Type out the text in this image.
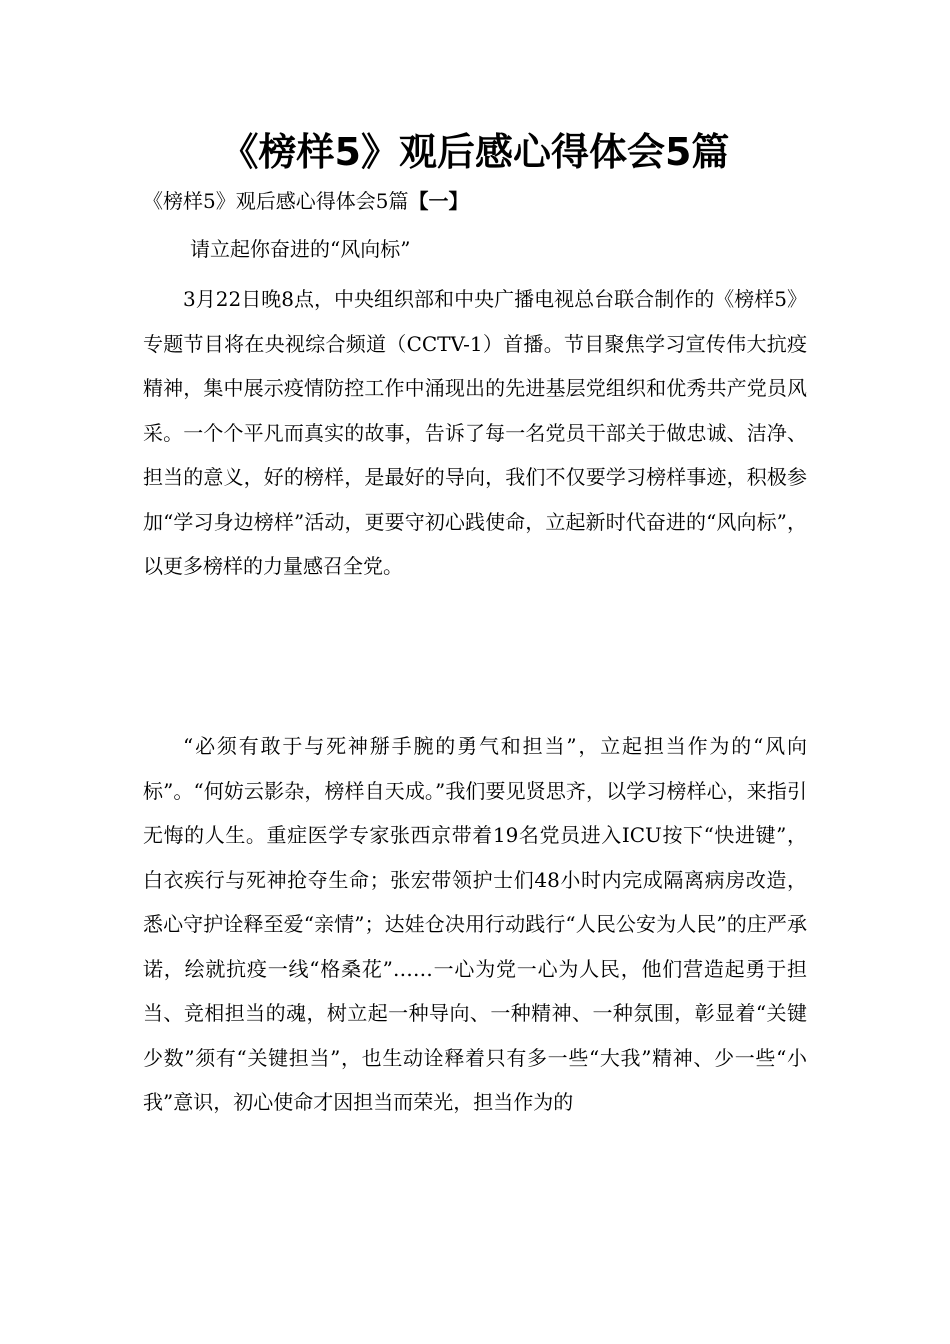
《榜样5》观后感心得体会5篇

《榜样5》观后感心得体会5篇【一】

请立起你奋进的“风向标”

3月22日晚8点，中央组织部和中央广播电视总台联合制作的《榜样5》专题节目将在央视综合频道（CCTV-1）首播。节目聚焦学习宣传伟大抗疫精神，集中展示疫情防控工作中涌现出的先进基层党组织和优秀共产党员风采。一个个平凡而真实的故事，告诉了每一名党员干部关于做忠诚、洁净、担当的意义，好的榜样，是最好的导向，我们不仅要学习榜样事迹，积极参加“学习身边榜样”活动，更要守初心践使命，立起新时代奋进的“风向标”，以更多榜样的力量感召全党。

“必须有敢于与死神掰手腕的勇气和担当”，立起担当作为的“风向标”。“何妨云影杂，榜样自天成。”我们要见贤思齐，以学习榜样心，来指引无悔的人生。重症医学专家张西京带着19名党员进入ICU按下“快进键”，白衣疾行与死神抢夺生命；张宏带领护士们48小时内完成隔离病房改造，悉心守护诠释至爱“亲情”；达娃仓决用行动践行“人民公安为人民”的庄严承诺，绘就抗疫一线“格桑花”……一心为党一心为人民，他们营造起勇于担当、竞相担当的魂，树立起一种导向、一种精神、一种氛围，彰显着“关键少数”须有“关键担当”，也生动诠释着只有多一些“大我”精神、少一些“小我”意识，初心使命才因担当而荣光，担当作为的
